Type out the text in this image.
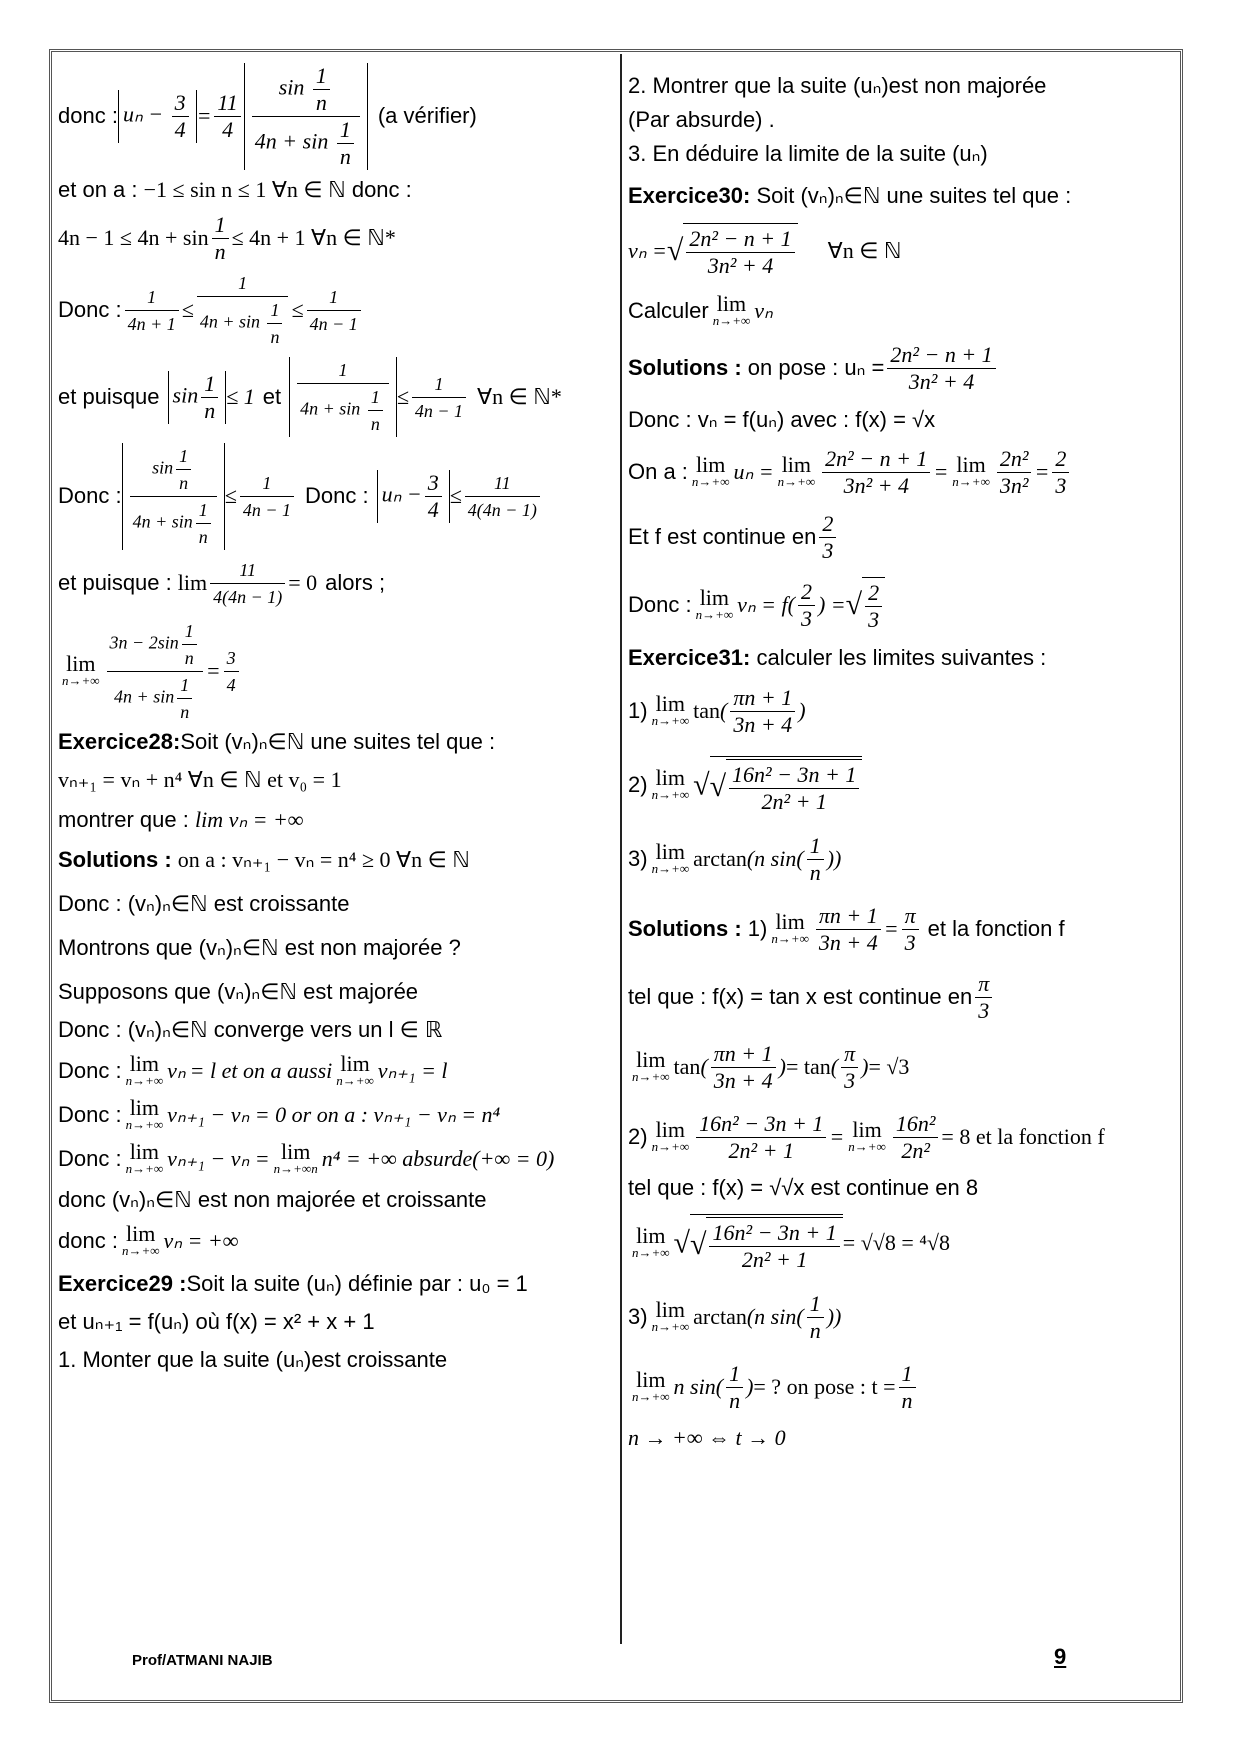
donc : $u_n - \frac{3}{4} = \frac{11}{4} \frac{\sin \frac{1}{n}}{4n + \sin \frac{1}{n}} (a$ vérifier)
et on a : −1 ≤ sin n ≤ 1 ∀n ∈ ℕ donc :
$4n - 1 \le 4n + \sin \frac{1}{n} \le 4n + 1$ ∀n ∈ ℕ*
Donc : $\frac{1}{4n + 1} \le \frac{1}{4n + \sin \frac{1}{n}} \le \frac{1}{4n - 1}$
et puisque $\sin \frac{1}{n} \le 1$ et $\frac{1}{4n + \sin \frac{1}{n}} \le \frac{1}{4n - 1}$ ∀n ∈ ℕ*
Donc : $\frac{\sin \frac{1}{n}}{4n + \sin \frac{1}{n}} \le \frac{1}{4n - 1}$ Donc : $u_n - \frac{3}{4} \le \frac{11}{4(4n - 1)}$
et puisque : $\lim \frac{11}{4(4n - 1)} = 0$ alors ;
lim
$n\to+\infty \frac{3n - 2\sin \frac{1}{n}}{4n + \sin \frac{1}{n}} = \frac{3}{4}$
Exercice28:Soit (vₙ)ₙ∈ℕ une suites tel que :
vₙ₊₁ = vₙ + n⁴ ∀n ∈ ℕ et v₀ = 1
montrer que : lim vₙ = +∞
Solutions : on a : vₙ₊₁ − vₙ = n⁴ ≥ 0 ∀n ∈ ℕ
Donc : (vₙ)ₙ∈ℕ est croissante
Montrons que (vₙ)ₙ∈ℕ est non majorée ?
Supposons que (vₙ)ₙ∈ℕ est majorée
Donc : (vₙ)ₙ∈ℕ converge vers un l ∈ ℝ
Donc : lim
n→+∞ vₙ = l et on a aussi lim
n→+∞ vₙ₊₁ = l
Donc : lim
n→+∞ vₙ₊₁ − vₙ = 0 or on a : vₙ₊₁ − vₙ = n⁴
Donc : lim
n→+∞ vₙ₊₁ − vₙ = lim
n→+∞n n⁴ = +∞ absurde(+∞ = 0)
donc (vₙ)ₙ∈ℕ est non majorée et croissante
donc : lim
n→+∞ vₙ = +∞
Exercice29 :Soit la suite (uₙ) définie par : u₀ = 1
et uₙ₊₁ = f(uₙ) où f(x) = x² + x + 1
1. Monter que la suite (uₙ)est croissante
2. Montrer que la suite (uₙ)est non majorée
(Par absurde) .
3. En déduire la limite de la suite (uₙ)
Exercice30: Soit (vₙ)ₙ∈ℕ une suites tel que :
vₙ = √ $\frac{\text{2n² − n + 1}}{\text{3n² + 4}}$ ∀n ∈ ℕ
Calculer lim
n→+∞ vₙ
Solutions :
on pose : $u_n = \frac{\text{2n² − n + 1}}{\text{3n² + 4}}$
Donc : vₙ = f(uₙ) avec : f(x) = √x
On a : lim
n→+∞ uₙ = lim
$n\to+\infty \frac{\text{2n² − n + 1}}{\text{3n² + 4}} = \lim$
$n\to+\infty \frac{\text{2n²}}{\text{3n²}} = \frac{2}{3}$
Et f est continue en $\frac{2}{3}$
Donc : lim
n→+∞ vₙ = f ( $\frac{2}{3}$ ) = √ $\frac{2}{3}$
Exercice31: calculer les limites suivantes :
1) lim
n→+∞ tan ( $\frac{\pi n + 1}{3n + 4}$ )
2) lim
n→+∞ √√ $\frac{\text{16n² − 3n + 1}}{\text{2n² + 1}}$
3) lim
n→+∞ arctan ( n sin ( $\frac{1}{n}$ ))
Solutions :
1) lim
$n\to+\infty \frac{\pi n + 1}{3n + 4} = \frac{\pi}{3}$ et la fonction f
tel que : f(x) = tan x est continue en $\frac{\pi}{3}$
lim
n→+∞ tan ( $\frac{\pi n + 1}{3n + 4}$ ) = tan ( $\frac{\pi}{3}$ ) = √3
2) lim
$n\to+\infty \frac{\text{16n² − 3n + 1}}{\text{2n² + 1}} = \lim$
$n\to+\infty \frac{\text{16n²}}{\text{2n²}} = 8$ et la fonction f
tel que : f(x) = √√x est continue en 8
lim
n→+∞ √√ $\frac{\text{16n² − 3n + 1}}{\text{2n² + 1}} = √√8 = ^4√8$
3) lim
n→+∞ arctan ( n sin ( $\frac{1}{n}$ ))
lim
n→+∞ n sin ( $\frac{1}{n}$ ) = ? on pose : $t = \frac{1}{n}$
n → +∞ ⇔ t → 0
Prof/ATMANI NAJIB	9
